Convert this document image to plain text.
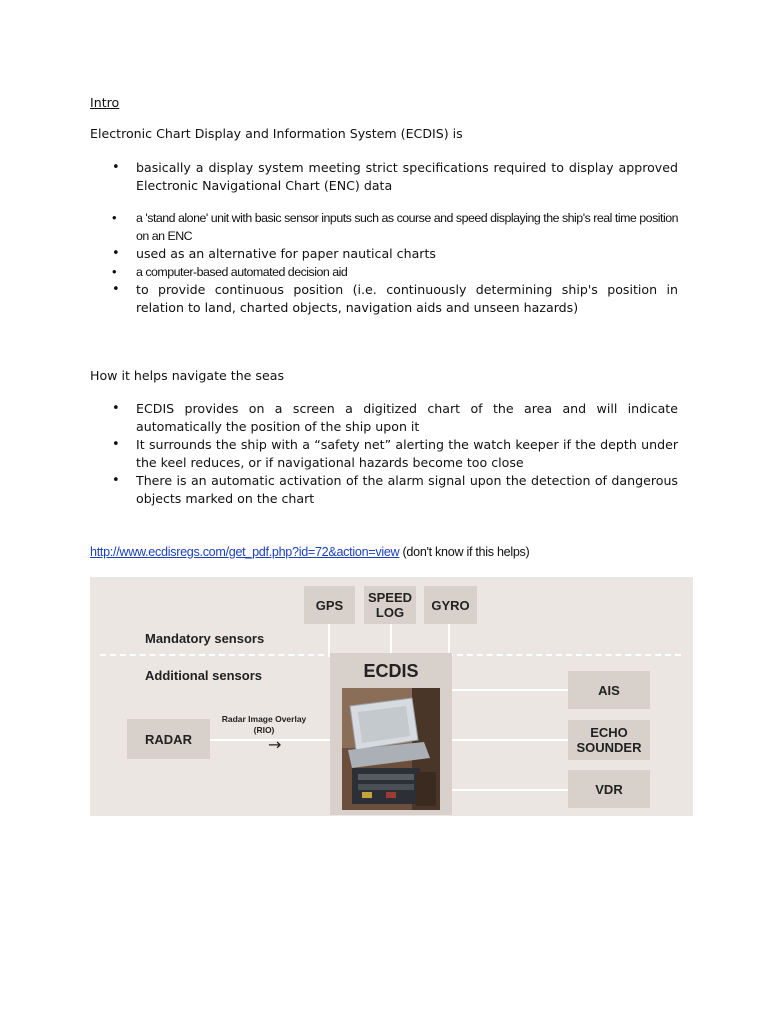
Intro

Electronic Chart Display and Information System (ECDIS) is

• basically a display system meeting strict specifications required to display approved Electronic Navigational Chart (ENC) data
• a 'stand alone' unit with basic sensor inputs such as course and speed displaying the ship's real time position on an ENC
• used as an alternative for paper nautical charts
• a computer-based automated decision aid
• to provide continuous position (i.e. continuously determining ship's position in relation to land, charted objects, navigation aids and unseen hazards)

How it helps navigate the seas

• ECDIS provides on a screen a digitized chart of the area and will indicate automatically the position of the ship upon it
• It surrounds the ship with a “safety net” alerting the watch keeper if the depth under the keel reduces, or if navigational hazards become too close
• There is an automatic activation of the alarm signal upon the detection of dangerous objects marked on the chart

http://www.ecdisregs.com/get_pdf.php?id=72&action=view (don't know if this helps)

GPS	SPEED LOG	GYRO
Mandatory sensors
Additional sensors	ECDIS
RADAR
Radar Image Overlay
(RIO)
→
AIS
ECHO SOUNDER
VDR
